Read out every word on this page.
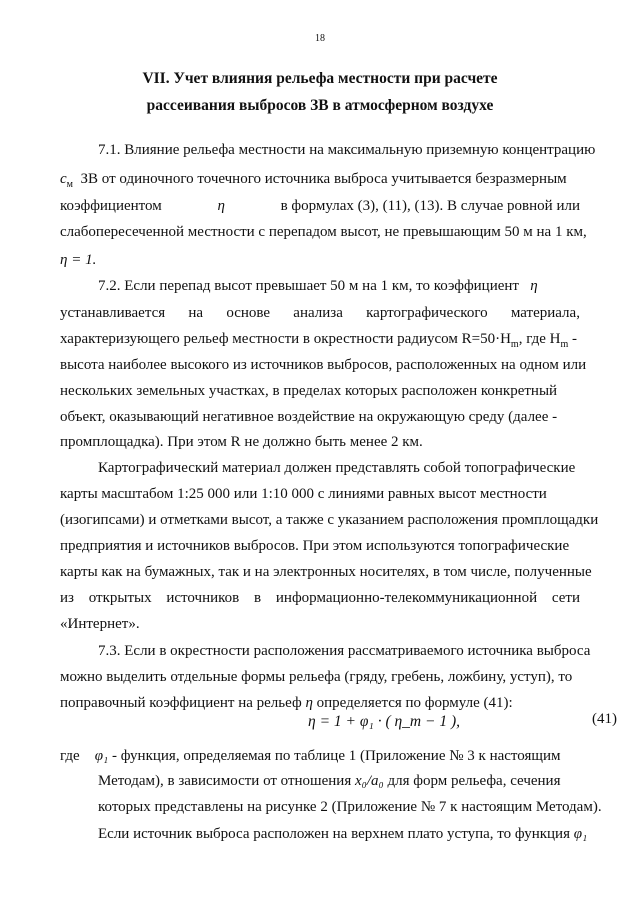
18
VII. Учет влияния рельефа местности при расчете
рассеивания выбросов ЗВ в атмосферном воздухе
7.1. Влияние рельефа местности на максимальную приземную концентрацию
$c_м$ ЗВ от одиночного точечного источника выброса учитывается безразмерным
коэффициентом	η	в формулах (3), (11), (13). В случае ровной или
слабопересеченной местности с перепадом высот, не превышающим 50 м на 1 км,
η = 1.
7.2. Если перепад высот превышает 50 м на 1 км, то коэффициент η
устанавливается на основе анализа картографического материала,
характеризующего рельеф местности в окрестности радиусом $R=50\cdot H_m$, где $H_m$ -
высота наиболее высокого из источников выбросов, расположенных на одном или
нескольких земельных участках, в пределах которых расположен конкретный
объект, оказывающий негативное воздействие на окружающую среду (далее -
промплощадка). При этом R не должно быть менее 2 км.
Картографический материал должен представлять собой топографические
карты масштабом 1:25 000 или 1:10 000 с линиями равных высот местности
(изогипсами) и отметками высот, а также с указанием расположения промплощадки
предприятия и источников выбросов. При этом используются топографические
карты как на бумажных, так и на электронных носителях, в том числе, полученные
из открытых источников в информационно-телекоммуникационной сети
«Интернет».
7.3. Если в окрестности расположения рассматриваемого источника выброса
можно выделить отдельные формы рельефа (гряду, гребень, ложбину, уступ), то
поправочный коэффициент на рельеф η определяется по формуле (41):
η = 1 + φ₁ · ( η_m − 1 ),	(41)
где φ₁ - функция, определяемая по таблице 1 (Приложение № 3 к настоящим
Методам), в зависимости от отношения x₀/a₀ для форм рельефа, сечения
которых представлены на рисунке 2 (Приложение № 7 к настоящим Методам).
Если источник выброса расположен на верхнем плато уступа, то функция φ₁
